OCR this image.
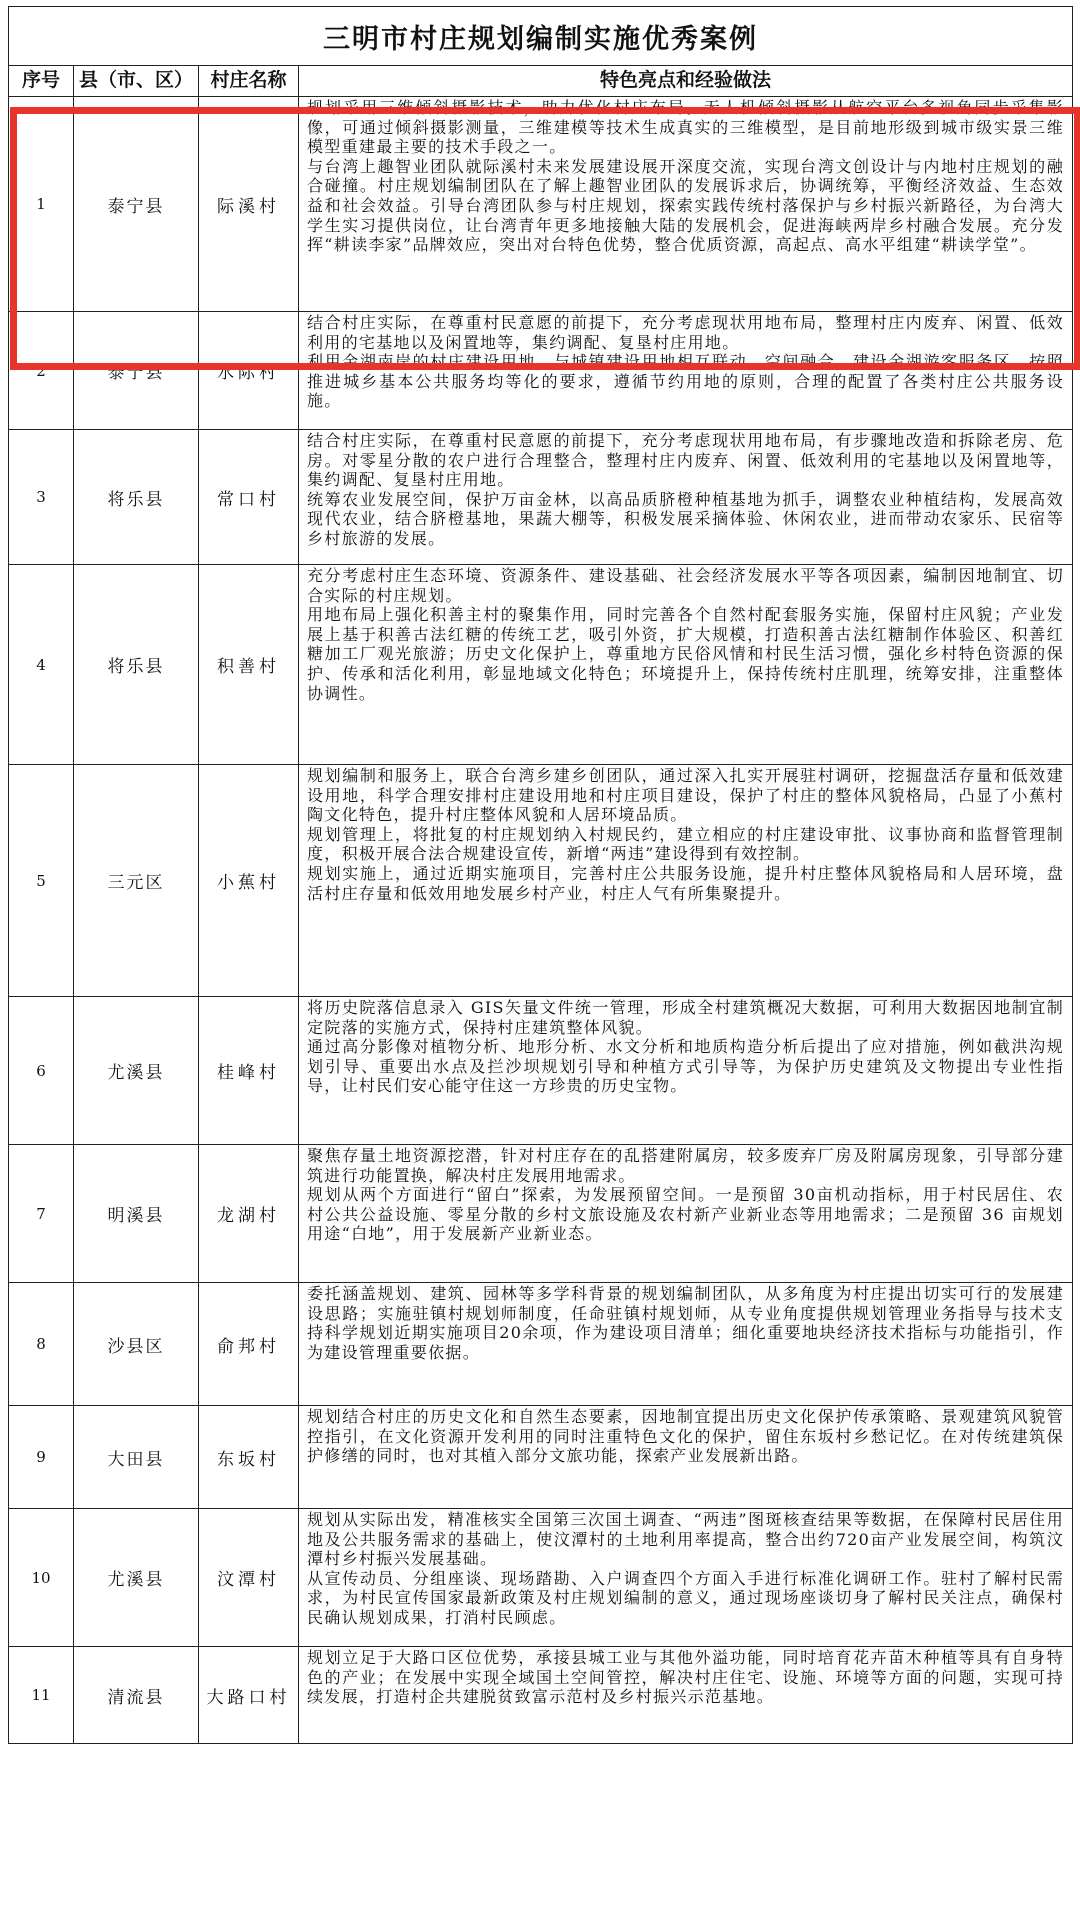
三明市村庄规划编制实施优秀案例			
序号	县（市、区）	村庄名称	特色亮点和经验做法
1	泰宁县	际溪村	规划采用三维倾斜摄影技术，助力优化村庄布局。无人机倾斜摄影从航空平台多视角同步采集影像，可通过倾斜摄影测量，三维建模等技术生成真实的三维模型，是目前地形级到城市级实景三维模型重建最主要的技术手段之一。
与台湾上趣智业团队就际溪村未来发展建设展开深度交流，实现台湾文创设计与内地村庄规划的融合碰撞。村庄规划编制团队在了解上趣智业团队的发展诉求后，协调统筹，平衡经济效益、生态效益和社会效益。引导台湾团队参与村庄规划，探索实践传统村落保护与乡村振兴新路径，为台湾大学生实习提供岗位，让台湾青年更多地接触大陆的发展机会，促进海峡两岸乡村融合发展。充分发挥“耕读李家”品牌效应，突出对台特色优势，整合优质资源，高起点、高水平组建“耕读学堂”。
2	泰宁县	水际村	结合村庄实际，在尊重村民意愿的前提下，充分考虑现状用地布局，整理村庄内废弃、闲置、低效利用的宅基地以及闲置地等，集约调配、复垦村庄用地。
利用金湖南岸的村庄建设用地，与城镇建设用地相互联动，空间融合，建设金湖游客服务区。按照推进城乡基本公共服务均等化的要求，遵循节约用地的原则，合理的配置了各类村庄公共服务设施。
3	将乐县	常口村	结合村庄实际，在尊重村民意愿的前提下，充分考虑现状用地布局，有步骤地改造和拆除老房、危房。对零星分散的农户进行合理整合，整理村庄内废弃、闲置、低效利用的宅基地以及闲置地等，集约调配、复垦村庄用地。
统筹农业发展空间，保护万亩金林，以高品质脐橙种植基地为抓手，调整农业种植结构，发展高效现代农业，结合脐橙基地，果蔬大棚等，积极发展采摘体验、休闲农业，进而带动农家乐、民宿等乡村旅游的发展。
4	将乐县	积善村	充分考虑村庄生态环境、资源条件、建设基础、社会经济发展水平等各项因素，编制因地制宜、切合实际的村庄规划。
用地布局上强化积善主村的聚集作用，同时完善各个自然村配套服务实施，保留村庄风貌；产业发展上基于积善古法红糖的传统工艺，吸引外资，扩大规模，打造积善古法红糖制作体验区、积善红糖加工厂观光旅游；历史文化保护上，尊重地方民俗风情和村民生活习惯，强化乡村特色资源的保护、传承和活化利用，彰显地域文化特色；环境提升上，保持传统村庄肌理，统筹安排，注重整体协调性。
5	三元区	小蕉村	规划编制和服务上，联合台湾乡建乡创团队，通过深入扎实开展驻村调研，挖掘盘活存量和低效建设用地，科学合理安排村庄建设用地和村庄项目建设，保护了村庄的整体风貌格局，凸显了小蕉村陶文化特色，提升村庄整体风貌和人居环境品质。
规划管理上，将批复的村庄规划纳入村规民约，建立相应的村庄建设审批、议事协商和监督管理制度，积极开展合法合规建设宣传，新增“两违”建设得到有效控制。
规划实施上，通过近期实施项目，完善村庄公共服务设施，提升村庄整体风貌格局和人居环境，盘活村庄存量和低效用地发展乡村产业，村庄人气有所集聚提升。
6	尤溪县	桂峰村	将历史院落信息录入 GIS矢量文件统一管理，形成全村建筑概况大数据，可利用大数据因地制宜制定院落的实施方式，保持村庄建筑整体风貌。
通过高分影像对植物分析、地形分析、水文分析和地质构造分析后提出了应对措施，例如截洪沟规划引导、重要出水点及拦沙坝规划引导和种植方式引导等，为保护历史建筑及文物提出专业性指导，让村民们安心能守住这一方珍贵的历史宝物。
7	明溪县	龙湖村	聚焦存量土地资源挖潜，针对村庄存在的乱搭建附属房，较多废弃厂房及附属房现象，引导部分建筑进行功能置换，解决村庄发展用地需求。
规划从两个方面进行“留白”探索，为发展预留空间。一是预留 30亩机动指标，用于村民居住、农村公共公益设施、零星分散的乡村文旅设施及农村新产业新业态等用地需求；二是预留 36 亩规划用途“白地”，用于发展新产业新业态。
8	沙县区	俞邦村	委托涵盖规划、建筑、园林等多学科背景的规划编制团队，从多角度为村庄提出切实可行的发展建设思路；实施驻镇村规划师制度，任命驻镇村规划师，从专业角度提供规划管理业务指导与技术支持科学规划近期实施项目20余项，作为建设项目清单；细化重要地块经济技术指标与功能指引，作为建设管理重要依据。
9	大田县	东坂村	规划结合村庄的历史文化和自然生态要素，因地制宜提出历史文化保护传承策略、景观建筑风貌管控指引，在文化资源开发利用的同时注重特色文化的保护，留住东坂村乡愁记忆。在对传统建筑保护修缮的同时，也对其植入部分文旅功能，探索产业发展新出路。
10	尤溪县	汶潭村	规划从实际出发，精准核实全国第三次国土调查、“两违”图斑核查结果等数据，在保障村民居住用地及公共服务需求的基础上，使汶潭村的土地利用率提高，整合出约720亩产业发展空间，构筑汶潭村乡村振兴发展基础。
从宣传动员、分组座谈、现场踏勘、入户调查四个方面入手进行标准化调研工作。驻村了解村民需求，为村民宣传国家最新政策及村庄规划编制的意义，通过现场座谈切身了解村民关注点，确保村民确认规划成果，打消村民顾虑。
11	清流县	大路口村	规划立足于大路口区位优势，承接县城工业与其他外溢功能，同时培育花卉苗木种植等具有自身特色的产业；在发展中实现全域国土空间管控，解决村庄住宅、设施、环境等方面的问题，实现可持续发展，打造村企共建脱贫致富示范村及乡村振兴示范基地。
